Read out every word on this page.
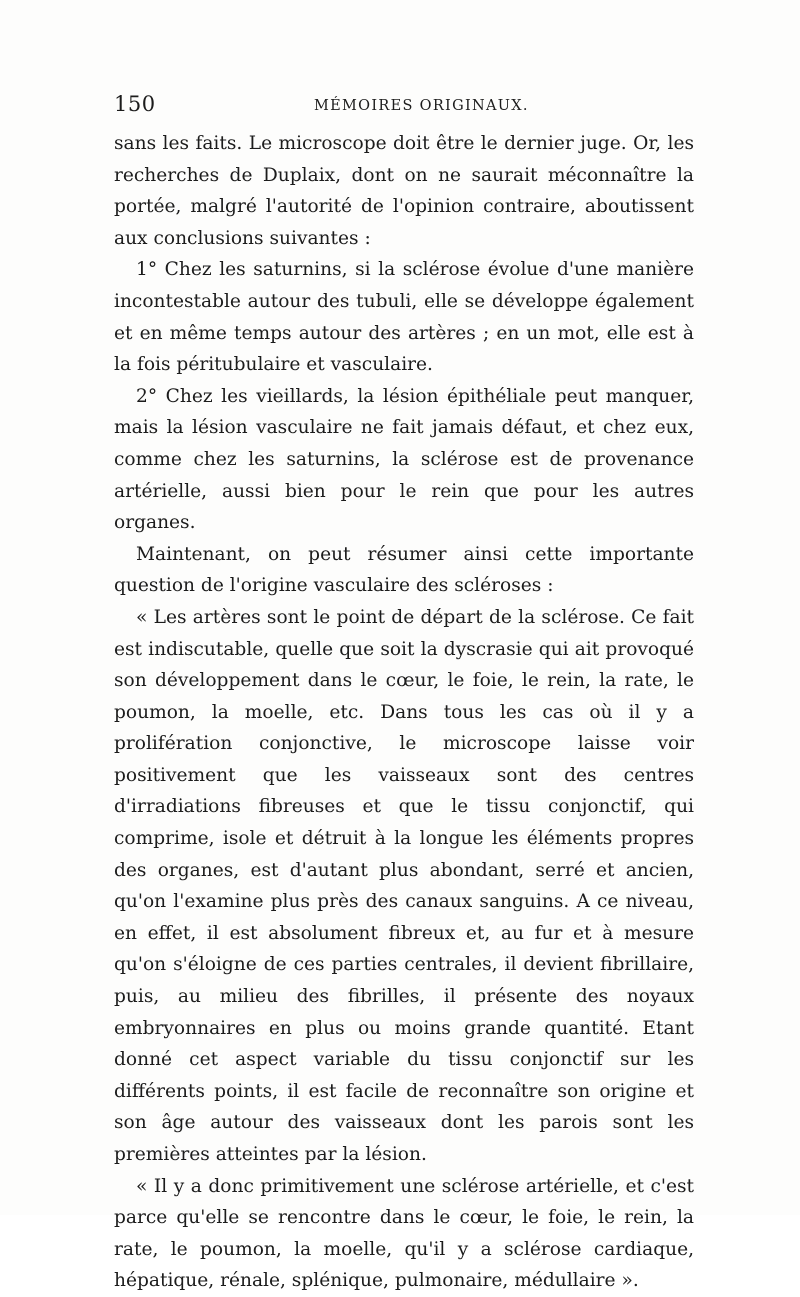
150	MÉMOIRES ORIGINAUX.

sans les faits. Le microscope doit être le dernier juge. Or, les recherches de Duplaix, dont on ne saurait méconnaître la portée, malgré l'autorité de l'opinion contraire, aboutissent aux conclusions suivantes :

1° Chez les saturnins, si la sclérose évolue d'une manière incontestable autour des tubuli, elle se développe également et en même temps autour des artères ; en un mot, elle est à la fois péritubulaire et vasculaire.

2° Chez les vieillards, la lésion épithéliale peut manquer, mais la lésion vasculaire ne fait jamais défaut, et chez eux, comme chez les saturnins, la sclérose est de provenance artérielle, aussi bien pour le rein que pour les autres organes.

Maintenant, on peut résumer ainsi cette importante question de l'origine vasculaire des scléroses :

« Les artères sont le point de départ de la sclérose. Ce fait est indiscutable, quelle que soit la dyscrasie qui ait provoqué son développement dans le cœur, le foie, le rein, la rate, le poumon, la moelle, etc. Dans tous les cas où il y a prolifération conjonctive, le microscope laisse voir positivement que les vaisseaux sont des centres d'irradiations fibreuses et que le tissu conjonctif, qui comprime, isole et détruit à la longue les éléments propres des organes, est d'autant plus abondant, serré et ancien, qu'on l'examine plus près des canaux sanguins. A ce niveau, en effet, il est absolument fibreux et, au fur et à mesure qu'on s'éloigne de ces parties centrales, il devient fibrillaire, puis, au milieu des fibrilles, il présente des noyaux embryonnaires en plus ou moins grande quantité. Etant donné cet aspect variable du tissu conjonctif sur les différents points, il est facile de reconnaître son origine et son âge autour des vaisseaux dont les parois sont les premières atteintes par la lésion.

« Il y a donc primitivement une sclérose artérielle, et c'est parce qu'elle se rencontre dans le cœur, le foie, le rein, la rate, le poumon, la moelle, qu'il y a sclérose cardiaque, hépatique, rénale, splénique, pulmonaire, médullaire ».
